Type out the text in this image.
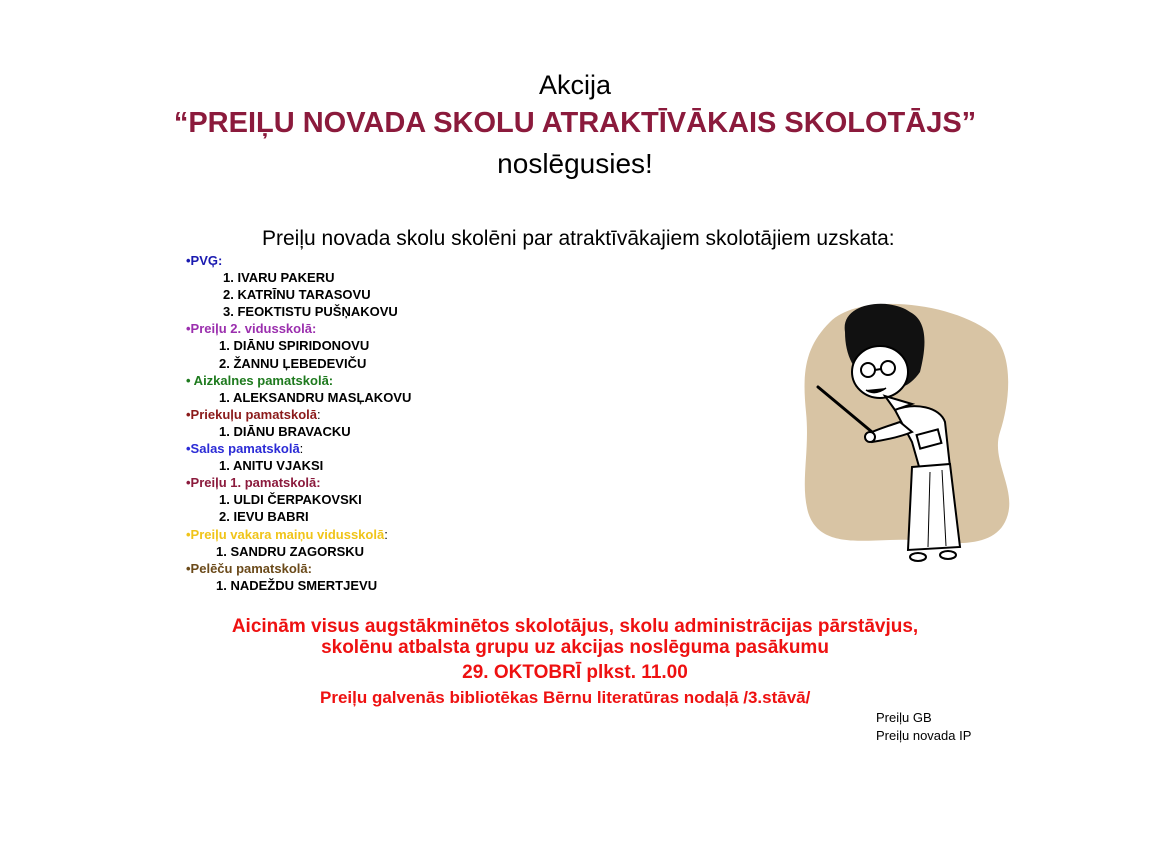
Akcija
“PREIĻU NOVADA SKOLU ATRAKTĪVĀKAIS SKOLOTĀJS”
noslēgusies!
Preiļu novada skolu skolēni par atraktīvākajiem skolotājiem uzskata:
•PVĢ:
1. IVARU PAKERU
2. KATRĪNU TARASOVU
3. FEOKTISTU PUŠŅAKOVU
•Preiļu 2. vidusskolā:
1. DIĀNU SPIRIDONOVU
2. ŽANNU ĻEBEDEVIČU
• Aizkalnes pamatskolā:
1. ALEKSANDRU MASĻAKOVU
•Priekuļu pamatskolā:
1. DIĀNU BRAVACKU
•Salas pamatskolā:
1. ANITU VJAKSI
•Preiļu 1. pamatskolā:
1. ULDI ČERPAKOVSKI
2. IEVU BABRI
•Preiļu vakara maiņu vidusskolā:
1. SANDRU ZAGORSKU
•Pelēču pamatskolā:
1. NADEŽDU SMERTJEVU
Aicinām visus augstākminētos skolotājus, skolu administrācijas pārstāvjus,
skolēnu atbalsta grupu uz akcijas noslēguma pasākumu
29. OKTOBRĪ plkst. 11.00
Preiļu galvenās bibliotēkas Bērnu literatūras nodaļā /3.stāvā/
Preiļu GB
Preiļu novada IP
